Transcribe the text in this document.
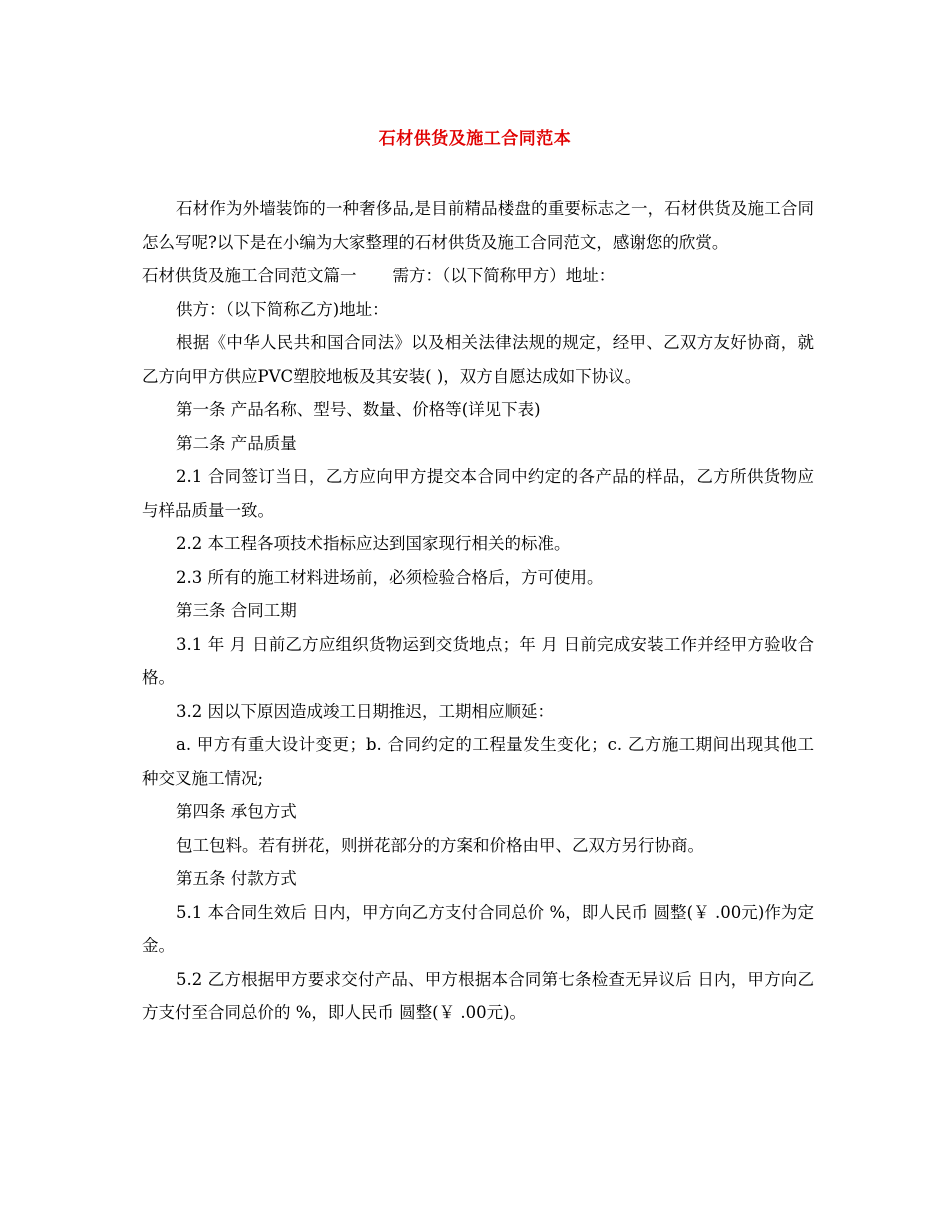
石材供货及施工合同范本

石材作为外墙装饰的一种奢侈品,是目前精品楼盘的重要标志之一，石材供货及施工合同怎么写呢?以下是在小编为大家整理的石材供货及施工合同范文，感谢您的欣赏。

石材供货及施工合同范文篇一 需方：（以下简称甲方）地址：

供方：（以下简称乙方)地址：

根据《中华人民共和国合同法》以及相关法律法规的规定，经甲、乙双方友好协商，就乙方向甲方供应PVC塑胶地板及其安装( )，双方自愿达成如下协议。

第一条 产品名称、型号、数量、价格等(详见下表)

第二条 产品质量

2.1 合同签订当日，乙方应向甲方提交本合同中约定的各产品的样品，乙方所供货物应与样品质量一致。

2.2 本工程各项技术指标应达到国家现行相关的标准。

2.3 所有的施工材料进场前，必须检验合格后，方可使用。

第三条 合同工期

3.1 年 月 日前乙方应组织货物运到交货地点；年 月 日前完成安装工作并经甲方验收合格。

3.2 因以下原因造成竣工日期推迟，工期相应顺延：

a. 甲方有重大设计变更；b. 合同约定的工程量发生变化；c. 乙方施工期间出现其他工种交叉施工情况;

第四条 承包方式

包工包料。若有拼花，则拼花部分的方案和价格由甲、乙双方另行协商。

第五条 付款方式

5.1 本合同生效后 日内，甲方向乙方支付合同总价 %，即人民币 圆整(￥ .00元)作为定金。

5.2 乙方根据甲方要求交付产品、甲方根据本合同第七条检查无异议后 日内，甲方向乙方支付至合同总价的 %，即人民币 圆整(￥ .00元)。
